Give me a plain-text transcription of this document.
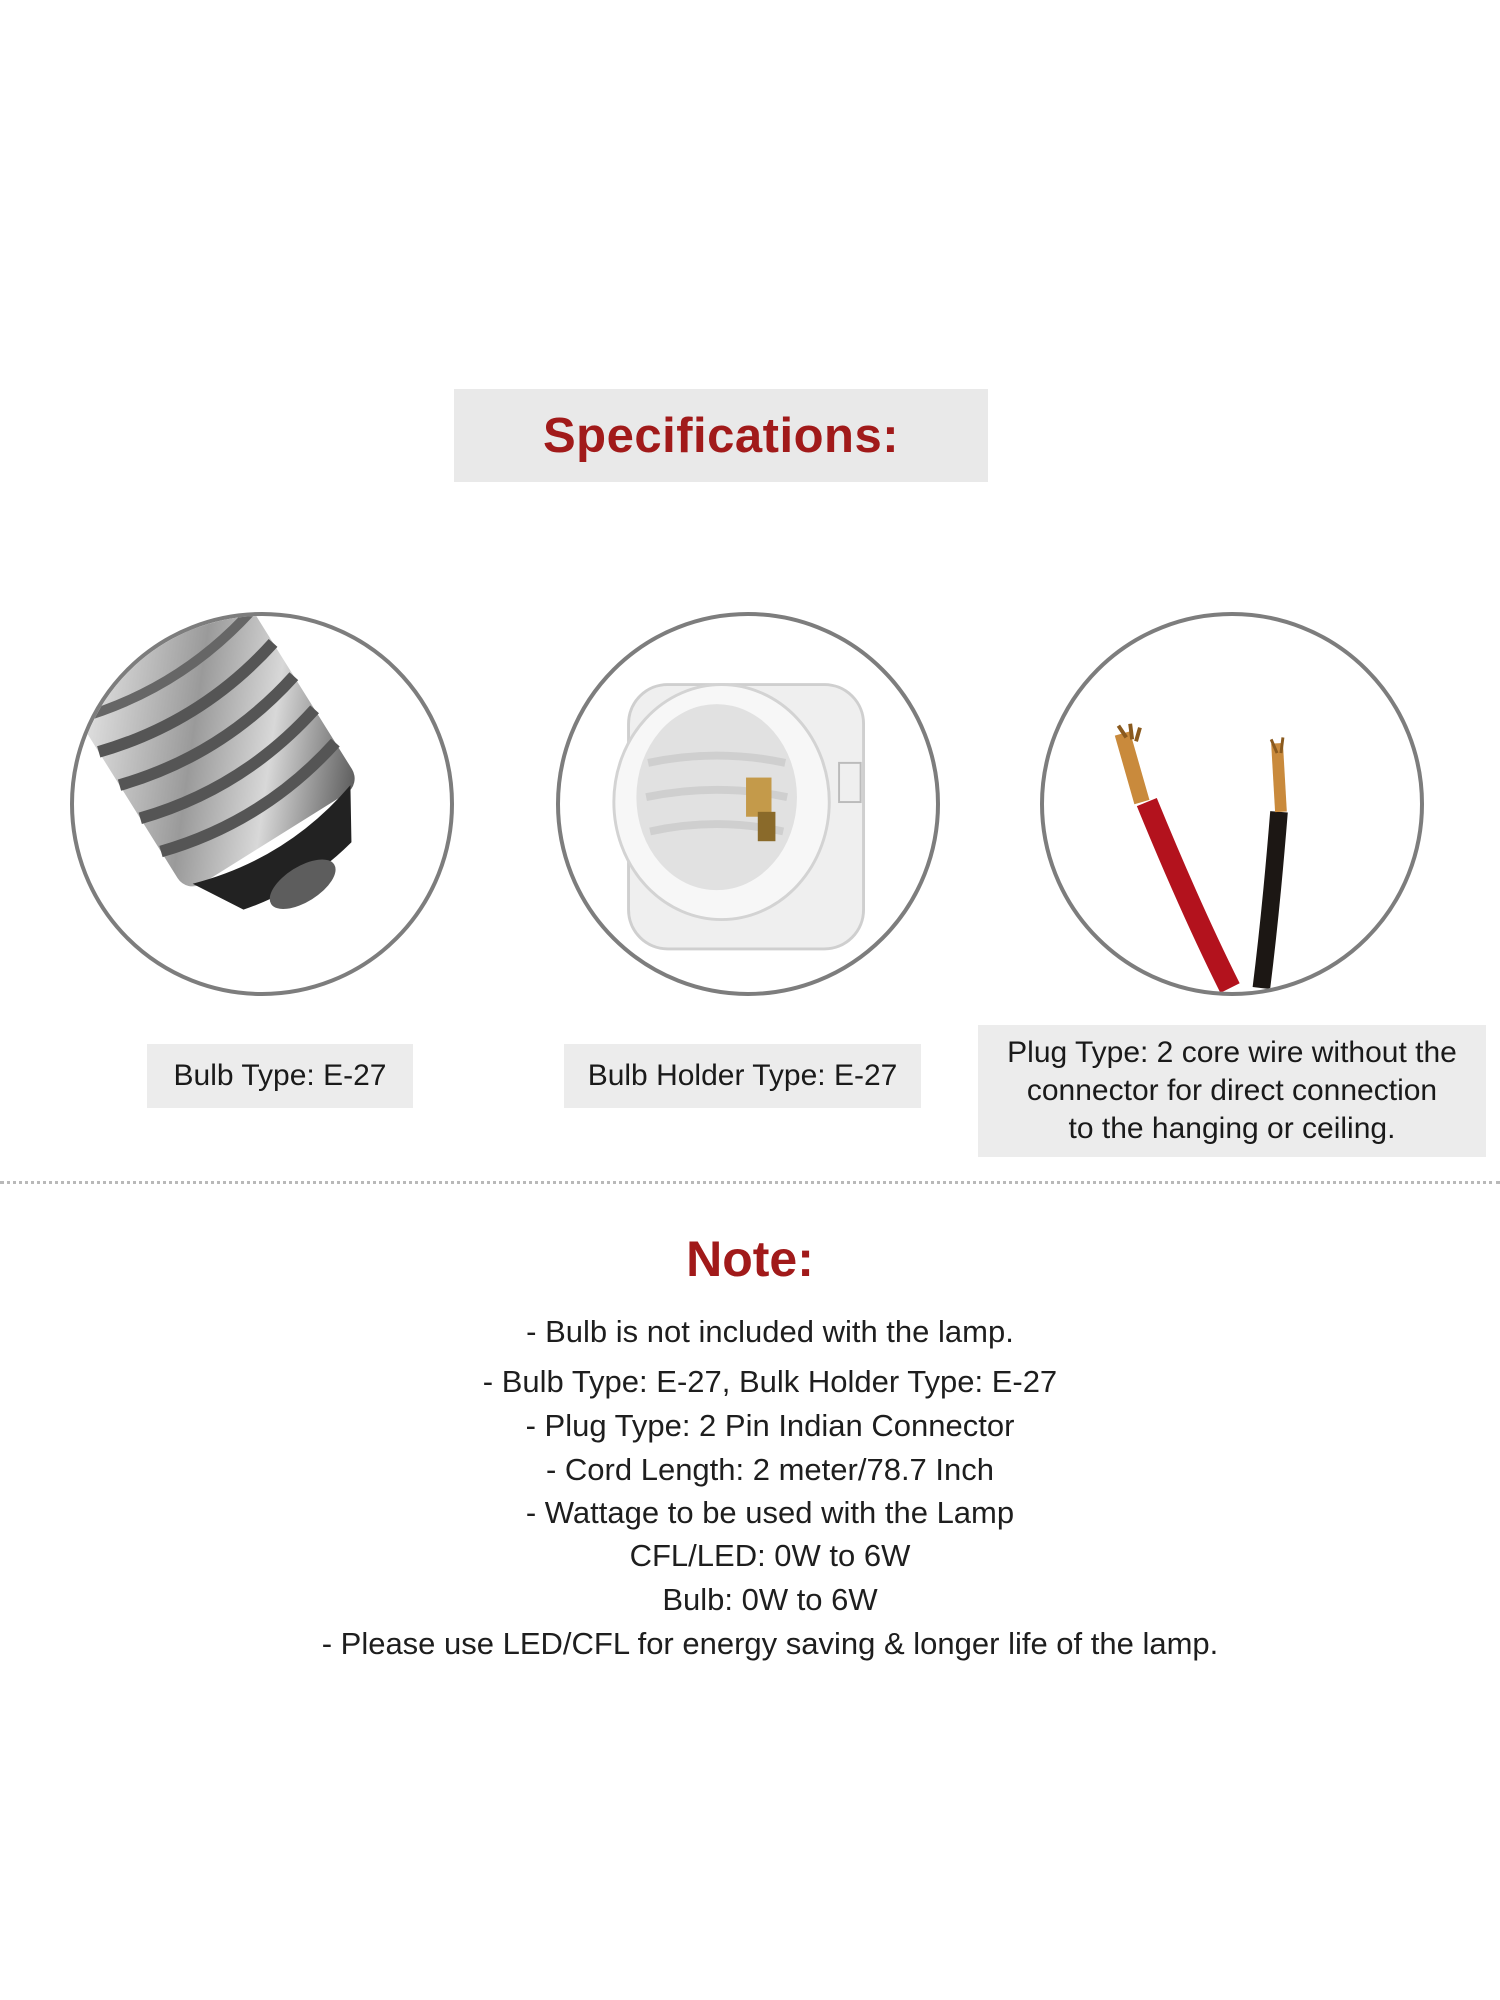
Specifications:
Bulb Type: E-27	Bulb Holder Type: E-27
Plug Type: 2 core wire without the
connector for direct connection
to the hanging or ceiling.
Note:
- Bulb is not included with the lamp.
- Bulb Type: E-27, Bulk Holder Type: E-27
- Plug Type: 2 Pin Indian Connector
- Cord Length: 2 meter/78.7 Inch
- Wattage to be used with the Lamp
CFL/LED: 0W to 6W
Bulb: 0W to 6W
- Please use LED/CFL for energy saving & longer life of the lamp.
